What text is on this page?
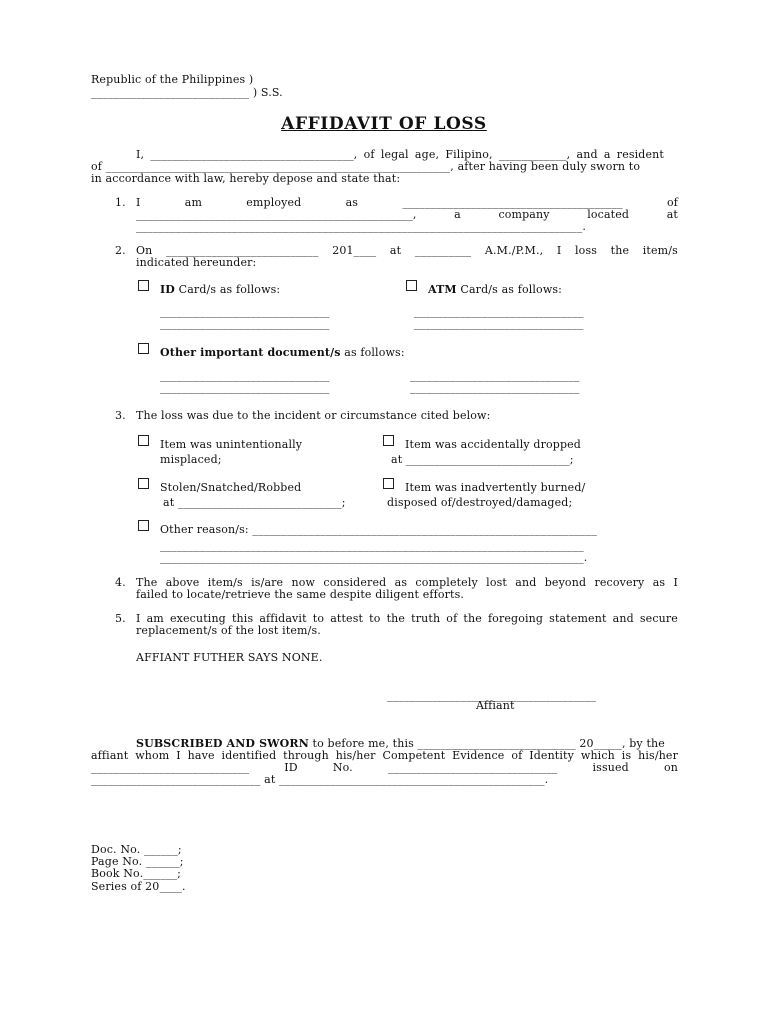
Republic of the Philippines )
____________________________ ) S.S.
AFFIDAVIT OF LOSS
I, ____________________________________, of legal age, Filipino, ____________, and a resident
of _____________________________________________________________, after having been duly sworn to
in accordance with law, hereby depose and state that:
1. I	am	employed	as	_______________________________________	of
_________________________________________________,	a	company	located	at
_______________________________________________________________________________.
2. On ___________________________ 201____ at __________ A.M./P.M., I loss the item/s
indicated hereunder:
ID Card/s as follows:	ATM Card/s as follows:
______________________________
______________________________
______________________________
______________________________
Other important document/s as follows:
______________________________
______________________________
______________________________
______________________________
3. The loss was due to the incident or circumstance cited below:
Item was unintentionally
misplaced;
Item was accidentally dropped
at _____________________________;
Stolen/Snatched/Robbed
at _____________________________;
Item was inadvertently burned/
disposed of/destroyed/damaged;
Other reason/s: _____________________________________________________________
___________________________________________________________________________
___________________________________________________________________________.
4. The above item/s is/are now considered as completely lost and beyond recovery as I
failed to locate/retrieve the same despite diligent efforts.
5. I am executing this affidavit to attest to the truth of the foregoing statement and secure
replacement/s of the lost item/s.
AFFIANT FUTHER SAYS NONE.
_____________________________________
Affiant
SUBSCRIBED AND SWORN to before me, this ____________________________ 20_____, by the
affiant whom I have identified through his/her Competent Evidence of Identity which is his/her
____________________________	ID	No.	______________________________	issued	on
______________________________ at _______________________________________________.
Doc. No. ______;
Page No. ______;
Book No.______;
Series of 20____.
